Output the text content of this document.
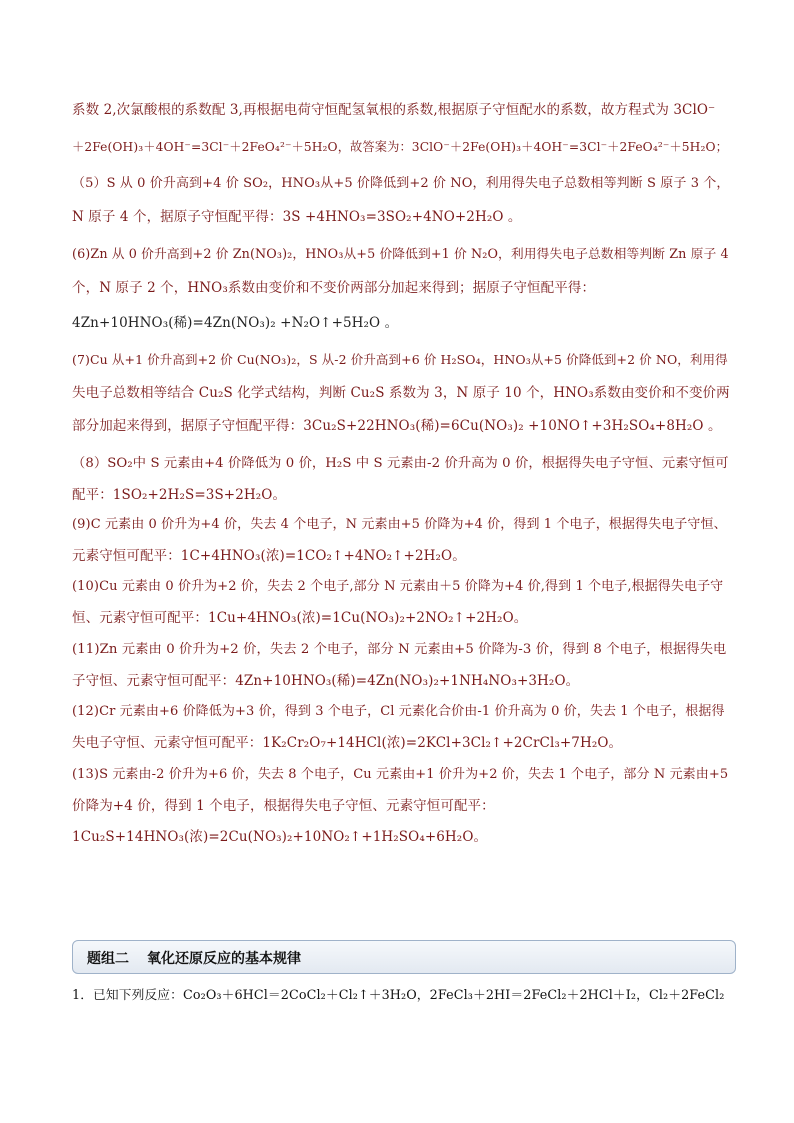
系数 2,次氯酸根的系数配 3,再根据电荷守恒配氢氧根的系数,根据原子守恒配水的系数，故方程式为 3ClO⁻
＋2Fe(OH)₃＋4OH⁻=3Cl⁻＋2FeO₄²⁻＋5H₂O，故答案为：3ClO⁻＋2Fe(OH)₃＋4OH⁻=3Cl⁻＋2FeO₄²⁻＋5H₂O；
（5）S 从 0 价升高到+4 价 SO₂，HNO₃从+5 价降低到+2 价 NO，利用得失电子总数相等判断 S 原子 3 个，
N 原子 4 个，据原子守恒配平得：3S +4HNO₃=3SO₂+4NO+2H₂O 。
(6)Zn 从 0 价升高到+2 价 Zn(NO₃)₂，HNO₃从+5 价降低到+1 价 N₂O，利用得失电子总数相等判断 Zn 原子 4
个，N 原子 2 个，HNO₃系数由变价和不变价两部分加起来得到；据原子守恒配平得：
4Zn+10HNO₃(稀)=4Zn(NO₃)₂ +N₂O↑+5H₂O 。
(7)Cu 从+1 价升高到+2 价 Cu(NO₃)₂，S 从-2 价升高到+6 价 H₂SO₄，HNO₃从+5 价降低到+2 价 NO，利用得
失电子总数相等结合 Cu₂S 化学式结构，判断 Cu₂S 系数为 3，N 原子 10 个，HNO₃系数由变价和不变价两
部分加起来得到，据原子守恒配平得：3Cu₂S+22HNO₃(稀)=6Cu(NO₃)₂ +10NO↑+3H₂SO₄+8H₂O 。
（8）SO₂中 S 元素由+4 价降低为 0 价，H₂S 中 S 元素由-2 价升高为 0 价，根据得失电子守恒、元素守恒可
配平：1SO₂+2H₂S=3S+2H₂O。
(9)C 元素由 0 价升为+4 价，失去 4 个电子，N 元素由+5 价降为+4 价，得到 1 个电子，根据得失电子守恒、
元素守恒可配平：1C+4HNO₃(浓)=1CO₂↑+4NO₂↑+2H₂O。
(10)Cu 元素由 0 价升为+2 价，失去 2 个电子,部分 N 元素由＋5 价降为+4 价,得到 1 个电子,根据得失电子守
恒、元素守恒可配平：1Cu+4HNO₃(浓)=1Cu(NO₃)₂+2NO₂↑+2H₂O。
(11)Zn 元素由 0 价升为+2 价，失去 2 个电子，部分 N 元素由+5 价降为-3 价，得到 8 个电子，根据得失电
子守恒、元素守恒可配平：4Zn+10HNO₃(稀)=4Zn(NO₃)₂+1NH₄NO₃+3H₂O。
(12)Cr 元素由+6 价降低为+3 价，得到 3 个电子，Cl 元素化合价由-1 价升高为 0 价，失去 1 个电子，根据得
失电子守恒、元素守恒可配平：1K₂Cr₂O₇+14HCl(浓)=2KCl+3Cl₂↑+2CrCl₃+7H₂O。
(13)S 元素由-2 价升为+6 价，失去 8 个电子，Cu 元素由+1 价升为+2 价，失去 1 个电子，部分 N 元素由+5
价降为+4 价，得到 1 个电子，根据得失电子守恒、元素守恒可配平：
1Cu₂S+14HNO₃(浓)=2Cu(NO₃)₂+10NO₂↑+1H₂SO₄+6H₂O。
题组二 氧化还原反应的基本规律
1．已知下列反应：Co₂O₃＋6HCl＝2CoCl₂＋Cl₂↑＋3H₂O，2FeCl₃＋2HI＝2FeCl₂＋2HCl＋I₂，Cl₂＋2FeCl₂
